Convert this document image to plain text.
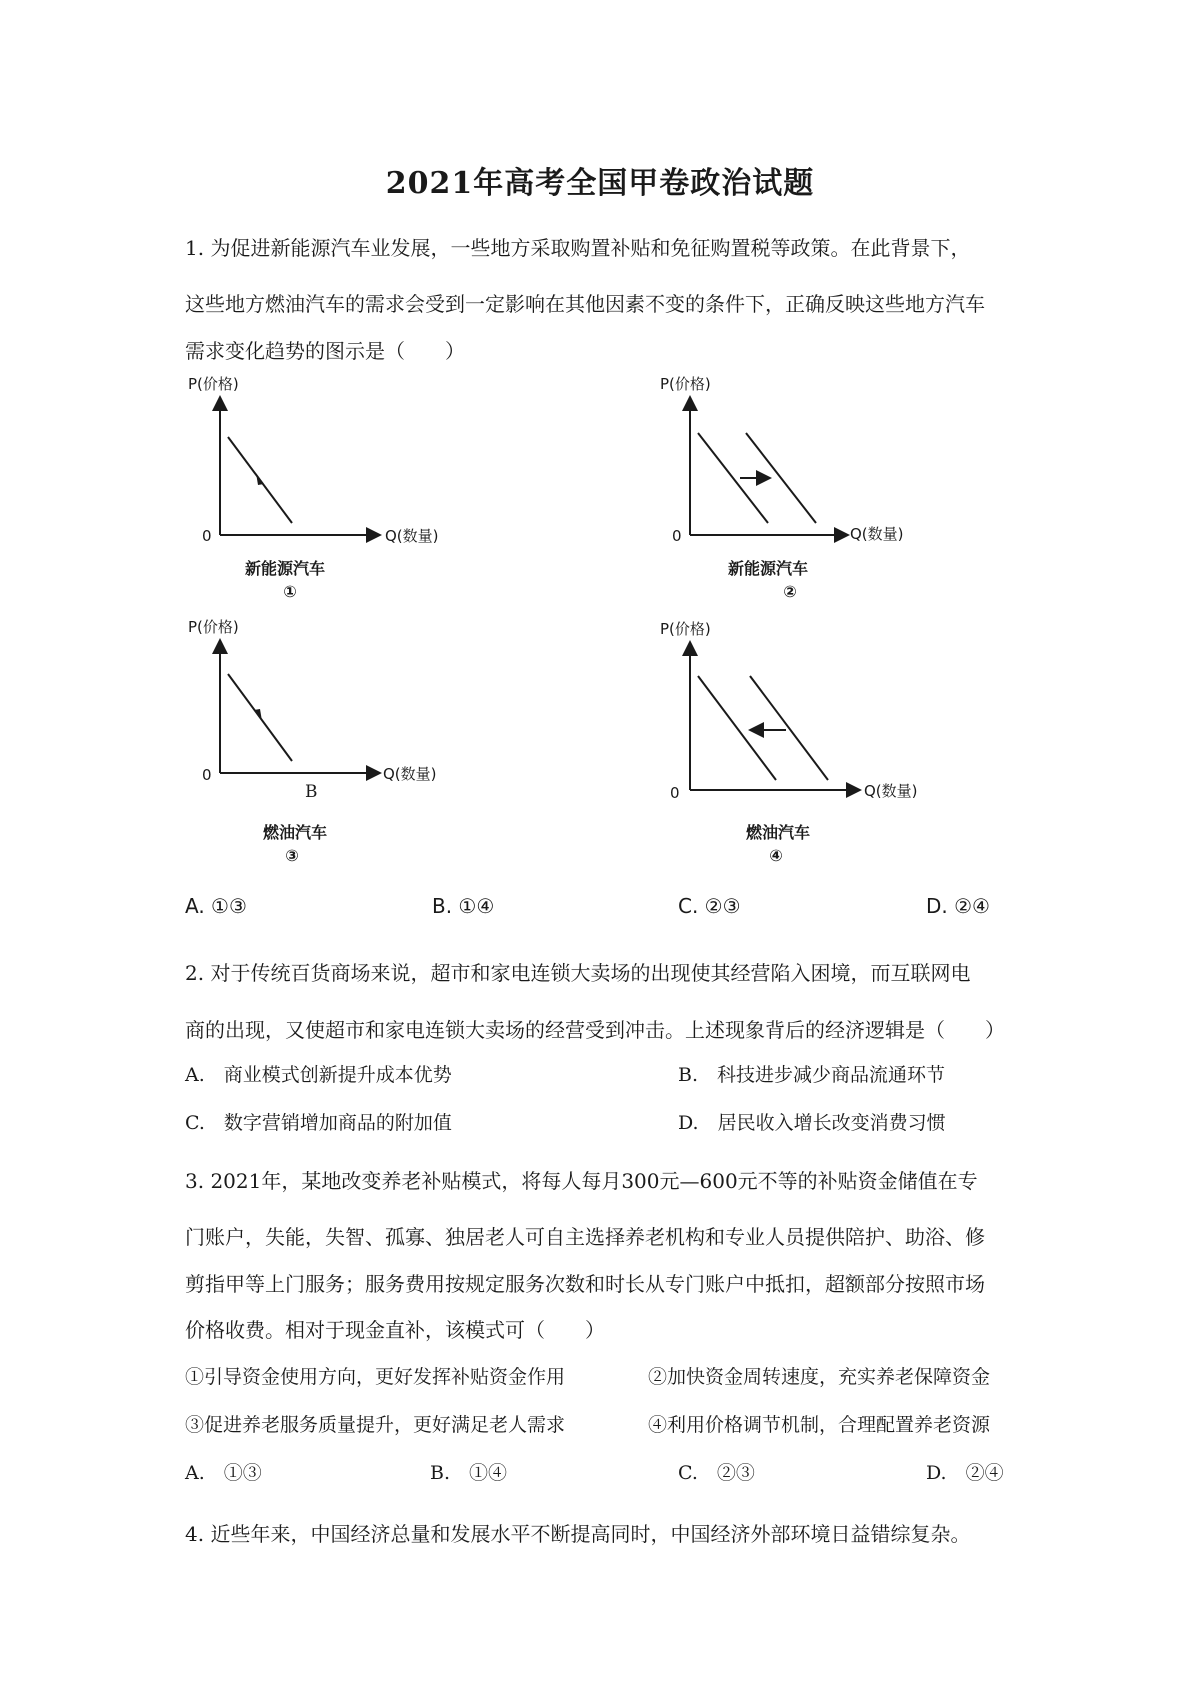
2021年高考全国甲卷政治试题
1. 为促进新能源汽车业发展，一些地方采取购置补贴和免征购置税等政策。在此背景下，
这些地方燃油汽车的需求会受到一定影响在其他因素不变的条件下，正确反映这些地方汽车
需求变化趋势的图示是（　　）
P(价格)
0	Q(数量)
新能源汽车
①
P(价格)
0	Q(数量)
新能源汽车
②
P(价格)
0	Q(数量)
B
燃油汽车
③
P(价格)
0	Q(数量)
燃油汽车
④
A. ①③	B. ①④	C. ②③	D. ②④
2. 对于传统百货商场来说，超市和家电连锁大卖场的出现使其经营陷入困境，而互联网电
商的出现，又使超市和家电连锁大卖场的经营受到冲击。上述现象背后的经济逻辑是（　　）
A.　商业模式创新提升成本优势	B.　科技进步减少商品流通环节
C.　数字营销增加商品的附加值	D.　居民收入增长改变消费习惯
3. 2021年，某地改变养老补贴模式，将每人每月300元—600元不等的补贴资金储值在专
门账户，失能，失智、孤寡、独居老人可自主选择养老机构和专业人员提供陪护、助浴、修
剪指甲等上门服务；服务费用按规定服务次数和时长从专门账户中抵扣，超额部分按照市场
价格收费。相对于现金直补，该模式可（　　）
①引导资金使用方向，更好发挥补贴资金作用	②加快资金周转速度，充实养老保障资金
③促进养老服务质量提升，更好满足老人需求	④利用价格调节机制，合理配置养老资源
A.　①③	B.　①④	C.　②③	D.　②④
4. 近些年来，中国经济总量和发展水平不断提高同时，中国经济外部环境日益错综复杂。
